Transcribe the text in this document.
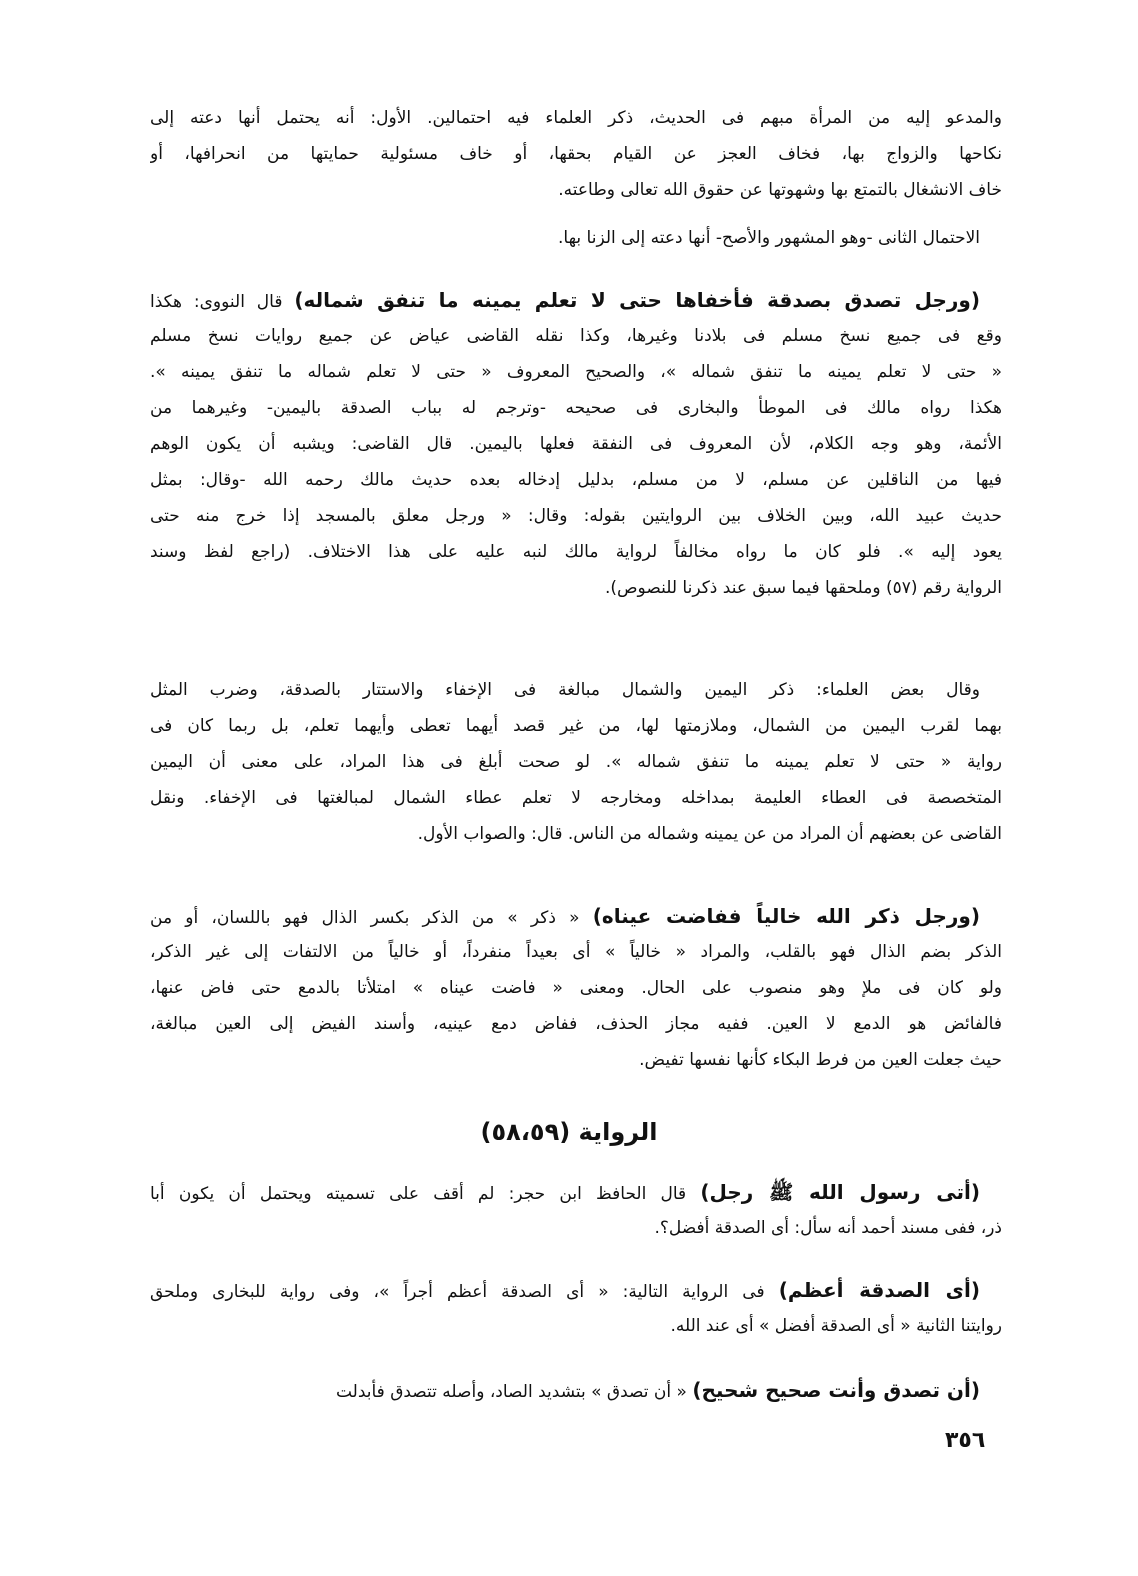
الرواية (٥٨،٥٩)
٣٥٦
والمدعو إليه من المرأة مبهم فى الحديث، ذكر العلماء فيه احتمالين. الأول: أنه يحتمل أنها دعته إلى
نكاحها والزواج بها، فخاف العجز عن القيام بحقها، أو خاف مسئولية حمايتها من انحرافها، أو
خاف الانشغال بالتمتع بها وشهوتها عن حقوق الله تعالى وطاعته.
الاحتمال الثانى -وهو المشهور والأصح- أنها دعته إلى الزنا بها.
(ورجل تصدق بصدقة فأخفاها حتى لا تعلم يمينه ما تنفق شماله) قال النووى: هكذا
وقع فى جميع نسخ مسلم فى بلادنا وغيرها، وكذا نقله القاضى عياض عن جميع روايات نسخ مسلم
« حتى لا تعلم يمينه ما تنفق شماله »، والصحيح المعروف « حتى لا تعلم شماله ما تنفق يمينه ».
هكذا رواه مالك فى الموطأ والبخارى فى صحيحه -وترجم له بباب الصدقة باليمين- وغيرهما من
الأئمة، وهو وجه الكلام، لأن المعروف فى النفقة فعلها باليمين. قال القاضى: ويشبه أن يكون الوهم
فيها من الناقلين عن مسلم، لا من مسلم، بدليل إدخاله بعده حديث مالك رحمه الله -وقال: بمثل
حديث عبيد الله، وبين الخلاف بين الروايتين بقوله: وقال: « ورجل معلق بالمسجد إذا خرج منه حتى
يعود إليه ». فلو كان ما رواه مخالفاً لرواية مالك لنبه عليه على هذا الاختلاف. (راجع لفظ وسند
الرواية رقم (٥٧) وملحقها فيما سبق عند ذكرنا للنصوص).
وقال بعض العلماء: ذكر اليمين والشمال مبالغة فى الإخفاء والاستتار بالصدقة، وضرب المثل
بهما لقرب اليمين من الشمال، وملازمتها لها، من غير قصد أيهما تعطى وأيهما تعلم، بل ربما كان فى
رواية « حتى لا تعلم يمينه ما تنفق شماله ». لو صحت أبلغ فى هذا المراد، على معنى أن اليمين
المتخصصة فى العطاء العليمة بمداخله ومخارجه لا تعلم عطاء الشمال لمبالغتها فى الإخفاء. ونقل
القاضى عن بعضهم أن المراد من عن يمينه وشماله من الناس. قال: والصواب الأول.
(ورجل ذكر الله خالياً ففاضت عيناه) « ذكر » من الذكر بكسر الذال فهو باللسان، أو من
الذكر بضم الذال فهو بالقلب، والمراد « خالياً » أى بعيداً منفرداً، أو خالياً من الالتفات إلى غير الذكر،
ولو كان فى ملإ وهو منصوب على الحال. ومعنى « فاضت عيناه » امتلأتا بالدمع حتى فاض عنها،
فالفائض هو الدمع لا العين. ففيه مجاز الحذف، ففاض دمع عينيه، وأسند الفيض إلى العين مبالغة،
حيث جعلت العين من فرط البكاء كأنها نفسها تفيض.
(أتى رسول الله ﷺ رجل) قال الحافظ ابن حجر: لم أقف على تسميته ويحتمل أن يكون أبا
ذر، ففى مسند أحمد أنه سأل: أى الصدقة أفضل؟.
(أى الصدقة أعظم) فى الرواية التالية: « أى الصدقة أعظم أجراً »، وفى رواية للبخارى وملحق
روايتنا الثانية « أى الصدقة أفضل » أى عند الله.
(أن تصدق وأنت صحيح شحيح) « أن تصدق » بتشديد الصاد، وأصله تتصدق فأبدلت
